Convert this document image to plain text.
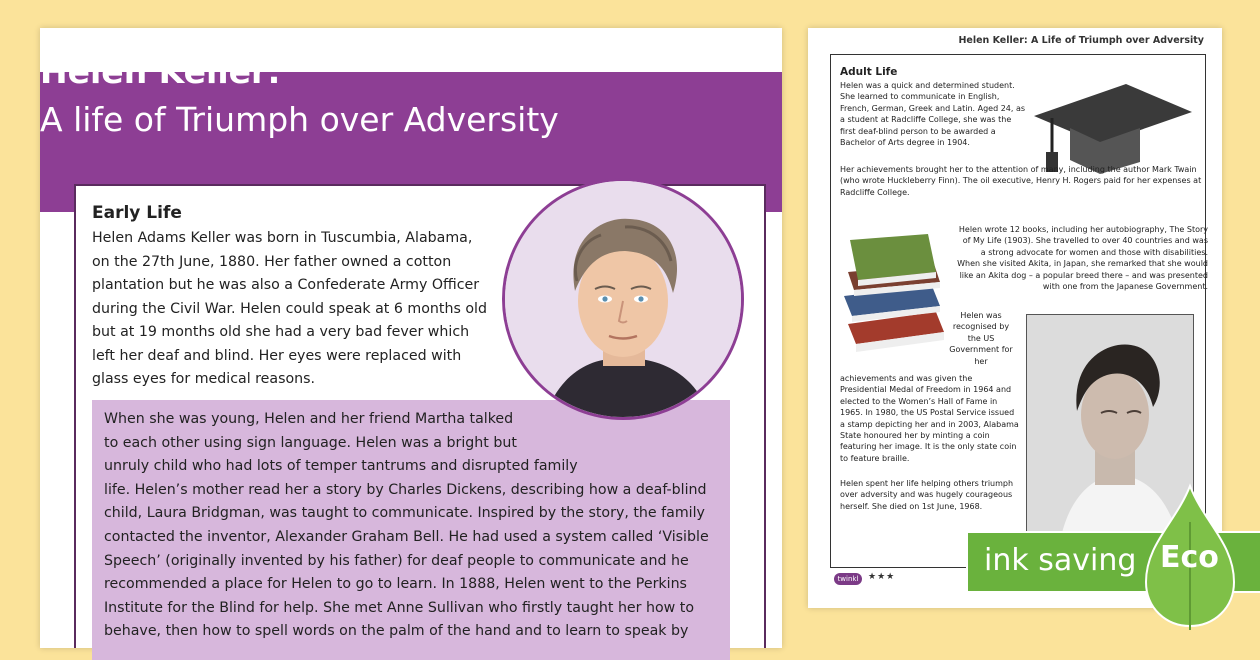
Helen Keller:
A life of Triumph over Adversity
Early Life
Helen Adams Keller was born in Tuscumbia, Alabama,
on the 27th June, 1880. Her father owned a cotton
plantation but he was also a Confederate Army Officer
during the Civil War. Helen could speak at 6 months old
but at 19 months old she had a very bad fever which
left her deaf and blind. Her eyes were replaced with
glass eyes for medical reasons.
When she was young, Helen and her friend Martha talked
to each other using sign language. Helen was a bright but
unruly child who had lots of temper tantrums and disrupted family
life. Helen’s mother read her a story by Charles Dickens, describing how a deaf-blind
child, Laura Bridgman, was taught to communicate. Inspired by the story, the family
contacted the inventor, Alexander Graham Bell. He had used a system called ‘Visible
Speech’ (originally invented by his father) for deaf people to communicate and he
recommended a place for Helen to go to learn. In 1888, Helen went to the Perkins
Institute for the Blind for help. She met Anne Sullivan who firstly taught her how to
behave, then how to spell words on the palm of the hand and to learn to speak by
Helen Keller: A Life of Triumph over Adversity
Adult Life
Helen was a quick and determined student. She learned to communicate in English, French, German, Greek and Latin. Aged 24, as a student at Radcliffe College, she was the first deaf-blind person to be awarded a Bachelor of Arts degree in 1904.
Her achievements brought her to the attention of many, including the author Mark Twain (who wrote Huckleberry Finn). The oil executive, Henry H. Rogers paid for her expenses at Radcliffe College.
Helen wrote 12 books, including her autobiography, The Story of My Life (1903). She travelled to over 40 countries and was a strong advocate for women and those with disabilities. When she visited Akita, in Japan, she remarked that she would like an Akita dog – a popular breed there – and was presented with one from the Japanese Government.
Helen was recognised by the US Government for her
achievements and was given the Presidential Medal of Freedom in 1964 and elected to the Women’s Hall of Fame in 1965. In 1980, the US Postal Service issued a stamp depicting her and in 2003, Alabama State honoured her by minting a coin featuring her image. It is the only state coin to feature braille.
Helen spent her life helping others triumph over adversity and was hugely courageous herself. She died on 1st June, 1968.
twinkl	★★★	ink saving Eco
